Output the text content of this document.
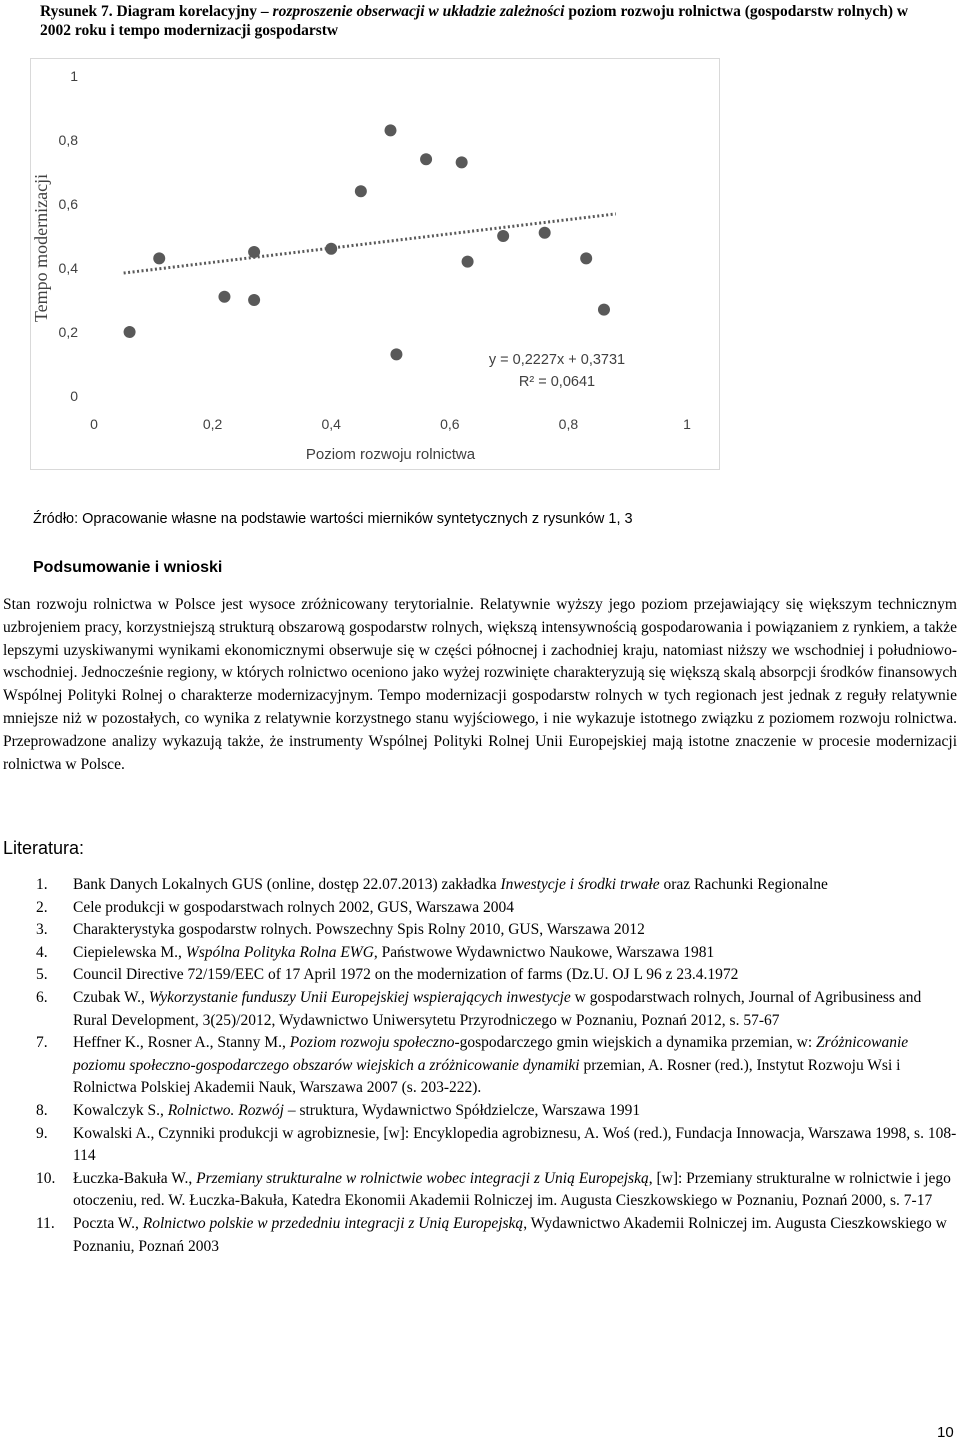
Rysunek 7. Diagram korelacyjny – rozproszenie obserwacji w układzie zależności poziom rozwoju rolnictwa (gospodarstw rolnych) w 2002 roku i tempo modernizacji gospodarstw
0
0,2
0,4
0,6
0,8
1
0	0,2	0,4	0,6	0,8	1
Poziom rozwoju rolnictwa
Tempo modernizacji
y = 0,2227x + 0,3731
R² = 0,0641
Źródło: Opracowanie własne na podstawie wartości mierników syntetycznych z rysunków 1, 3
Podsumowanie i wnioski
Stan rozwoju rolnictwa w Polsce jest wysoce zróżnicowany terytorialnie. Relatywnie wyższy jego poziom przejawiający się większym technicznym uzbrojeniem pracy, korzystniejszą strukturą obszarową gospodarstw rolnych, większą intensywnością gospodarowania i powiązaniem z rynkiem, a także lepszymi uzyskiwanymi wynikami ekonomicznymi obserwuje się w części północnej i zachodniej kraju, natomiast niższy we wschodniej i południowo-wschodniej. Jednocześnie regiony, w których rolnictwo oceniono jako wyżej rozwinięte charakteryzują się większą skalą absorpcji środków finansowych Wspólnej Polityki Rolnej o charakterze modernizacyjnym. Tempo modernizacji gospodarstw rolnych w tych regionach jest jednak z reguły relatywnie mniejsze niż w pozostałych, co wynika z relatywnie korzystnego stanu wyjściowego, i nie wykazuje istotnego związku z poziomem rozwoju rolnictwa. Przeprowadzone analizy wykazują także, że instrumenty Wspólnej Polityki Rolnej Unii Europejskiej mają istotne znaczenie w procesie modernizacji rolnictwa w Polsce.
Literatura:
1.	Bank Danych Lokalnych GUS (online, dostęp 22.07.2013) zakładka Inwestycje i środki trwałe oraz Rachunki Regionalne
2.	Cele produkcji w gospodarstwach rolnych 2002, GUS, Warszawa 2004
3.	Charakterystyka gospodarstw rolnych. Powszechny Spis Rolny 2010, GUS, Warszawa 2012
4.	Ciepielewska M., Wspólna Polityka Rolna EWG, Państwowe Wydawnictwo Naukowe, Warszawa 1981
5.	Council Directive 72/159/EEC of 17 April 1972 on the modernization of farms (Dz.U. OJ L 96 z 23.4.1972
6.	Czubak W., Wykorzystanie funduszy Unii Europejskiej wspierających inwestycje w gospodarstwach rolnych, Journal of Agribusiness and Rural Development, 3(25)/2012, Wydawnictwo Uniwersytetu Przyrodniczego w Poznaniu, Poznań 2012, s. 57-67
7.	Heffner K., Rosner A., Stanny M., Poziom rozwoju społeczno-gospodarczego gmin wiejskich a dynamika przemian, w: Zróżnicowanie poziomu społeczno-gospodarczego obszarów wiejskich a zróżnicowanie dynamiki przemian, A. Rosner (red.), Instytut Rozwoju Wsi i Rolnictwa Polskiej Akademii Nauk, Warszawa 2007 (s. 203-222).
8.	Kowalczyk S., Rolnictwo. Rozwój – struktura, Wydawnictwo Spółdzielcze, Warszawa 1991
9.	Kowalski A., Czynniki produkcji w agrobiznesie, [w]: Encyklopedia agrobiznesu, A. Woś (red.), Fundacja Innowacja, Warszawa 1998, s. 108-114
10.	Łuczka-Bakuła W., Przemiany strukturalne w rolnictwie wobec integracji z Unią Europejską, [w]: Przemiany strukturalne w rolnictwie i jego otoczeniu, red. W. Łuczka-Bakuła, Katedra Ekonomii Akademii Rolniczej im. Augusta Cieszkowskiego w Poznaniu, Poznań 2000, s. 7-17
11.	Poczta W., Rolnictwo polskie w przededniu integracji z Unią Europejską, Wydawnictwo Akademii Rolniczej im. Augusta Cieszkowskiego w Poznaniu, Poznań 2003
10
